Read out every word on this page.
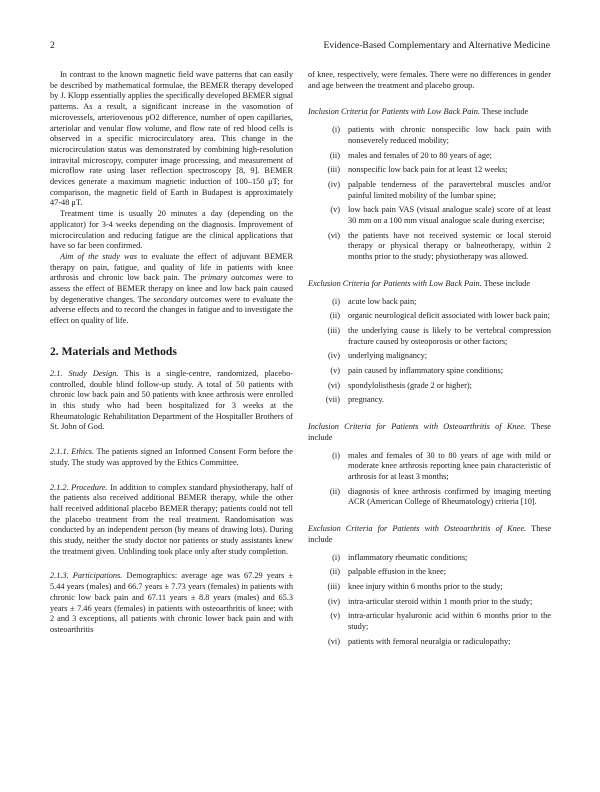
2	Evidence-Based Complementary and Alternative Medicine

In contrast to the known magnetic field wave patterns that can easily be described by mathematical formulae, the BEMER therapy developed by J. Klopp essentially applies the specifically developed BEMER signal patterns. As a result, a significant increase in the vasomotion of microvessels, arteriovenous pO2 difference, number of open capillaries, arteriolar and venular flow volume, and flow rate of red blood cells is observed in a specific microcirculatory area. This change in the microcirculation status was demonstrated by combining high-resolution intravital microscopy, computer image processing, and measurement of microflow rate using laser reflection spectroscopy [8, 9]. BEMER devices generate a maximum magnetic induction of 100–150 μT; for comparison, the magnetic field of Earth in Budapest is approximately 47-48 μT.

Treatment time is usually 20 minutes a day (depending on the applicator) for 3-4 weeks depending on the diagnosis. Improvement of microcirculation and reducing fatigue are the clinical applications that have so far been confirmed.

Aim of the study was to evaluate the effect of adjuvant BEMER therapy on pain, fatigue, and quality of life in patients with knee arthrosis and chronic low back pain. The primary outcomes were to assess the effect of BEMER therapy on knee and low back pain caused by degenerative changes. The secondary outcomes were to evaluate the adverse effects and to record the changes in fatigue and to investigate the effect on quality of life.

2. Materials and Methods

2.1. Study Design. This is a single-centre, randomized, placebo-controlled, double blind follow-up study. A total of 50 patients with chronic low back pain and 50 patients with knee arthrosis were enrolled in this study who had been hospitalized for 3 weeks at the Rheumatologic Rehabilitation Department of the Hospitaller Brothers of St. John of God.

2.1.1. Ethics. The patients signed an Informed Consent Form before the study. The study was approved by the Ethics Committee.

2.1.2. Procedure. In addition to complex standard physiotherapy, half of the patients also received additional BEMER therapy, while the other half received additional placebo BEMER therapy; patients could not tell the placebo treatment from the real treatment. Randomisation was conducted by an independent person (by means of drawing lots). During this study, neither the study doctor nor patients or study assistants knew the treatment given. Unblinding took place only after study completion.

2.1.3. Participations. Demographics: average age was 67.29 years ± 5.44 years (males) and 66.7 years ± 7.73 years (females) in patients with chronic low back pain and 67.11 years ± 8.8 years (males) and 65.3 years ± 7.46 years (females) in patients with osteoarthritis of knee; with 2 and 3 exceptions, all patients with chronic lower back pain and with osteoarthritis

of knee, respectively, were females. There were no differences in gender and age between the treatment and placebo group.

Inclusion Criteria for Patients with Low Back Pain. These include

(i) patients with chronic nonspecific low back pain with nonseverely reduced mobility;
(ii) males and females of 20 to 80 years of age;
(iii) nonspecific low back pain for at least 12 weeks;
(iv) palpable tenderness of the paravertebral muscles and/or painful limited mobility of the lumbar spine;
(v) low back pain VAS (visual analogue scale) score of at least 30 mm on a 100 mm visual analogue scale during exercise;
(vi) the patients have not received systemic or local steroid therapy or physical therapy or balneotherapy, within 2 months prior to the study; physiotherapy was allowed.

Exclusion Criteria for Patients with Low Back Pain. These include

(i) acute low back pain;
(ii) organic neurological deficit associated with lower back pain;
(iii) the underlying cause is likely to be vertebral compression fracture caused by osteoporosis or other factors;
(iv) underlying malignancy;
(v) pain caused by inflammatory spine conditions;
(vi) spondylolisthesis (grade 2 or higher);
(vii) pregnancy.

Inclusion Criteria for Patients with Osteoarthritis of Knee. These include

(i) males and females of 30 to 80 years of age with mild or moderate knee arthrosis reporting knee pain characteristic of arthrosis for at least 3 months;
(ii) diagnosis of knee arthrosis confirmed by imaging meeting ACR (American College of Rheumatology) criteria [10].

Exclusion Criteria for Patients with Osteoarthritis of Knee. These include

(i) inflammatory rheumatic conditions;
(ii) palpable effusion in the knee;
(iii) knee injury within 6 months prior to the study;
(iv) intra-articular steroid within 1 month prior to the study;
(v) intra-articular hyaluronic acid within 6 months prior to the study;
(vi) patients with femoral neuralgia or radiculopathy;
